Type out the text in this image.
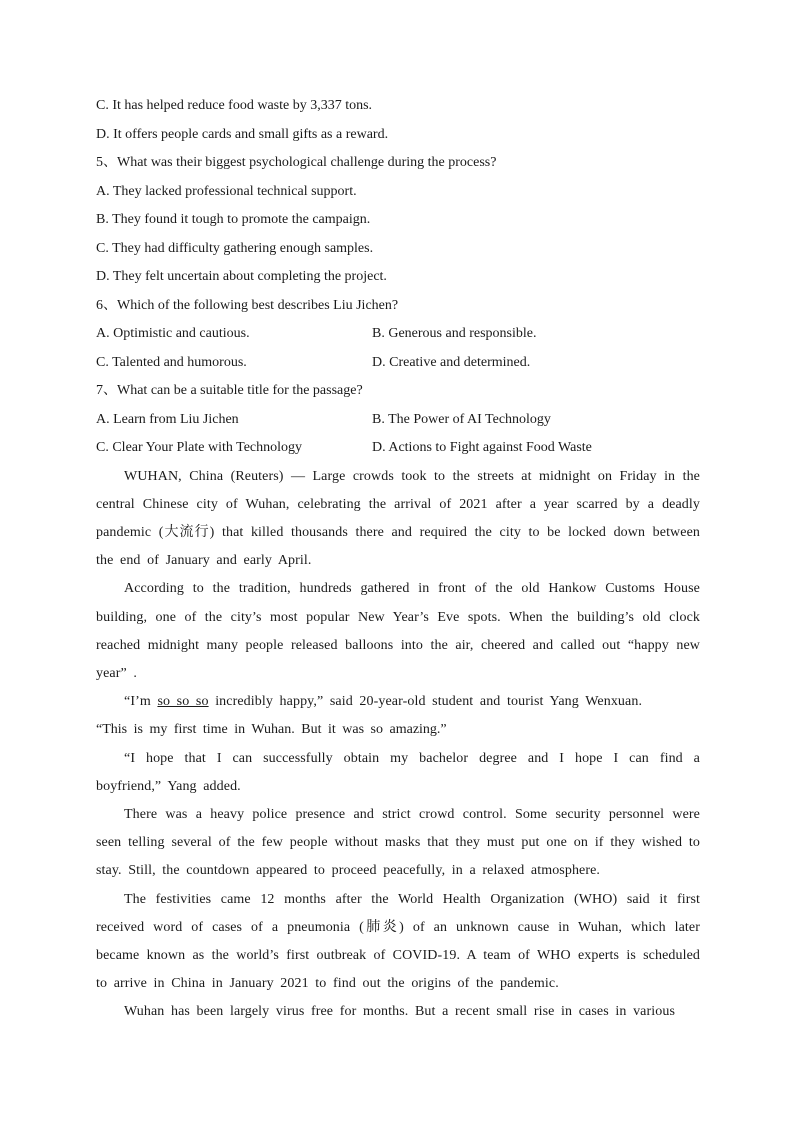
C. It has helped reduce food waste by 3,337 tons.
D. It offers people cards and small gifts as a reward.
5、What was their biggest psychological challenge during the process?
A. They lacked professional technical support.
B. They found it tough to promote the campaign.
C. They had difficulty gathering enough samples.
D. They felt uncertain about completing the project.
6、Which of the following best describes Liu Jichen?
A. Optimistic and cautious.	B. Generous and responsible.
C. Talented and humorous.	D. Creative and determined.
7、What can be a suitable title for the passage?
A. Learn from Liu Jichen	B. The Power of AI Technology
C. Clear Your Plate with Technology	D. Actions to Fight against Food Waste

WUHAN, China (Reuters) — Large crowds took to the streets at midnight on Friday in the central Chinese city of Wuhan, celebrating the arrival of 2021 after a year scarred by a deadly pandemic (大流行) that killed thousands there and required the city to be locked down between the end of January and early April.

According to the tradition, hundreds gathered in front of the old Hankow Customs House building, one of the city’s most popular New Year’s Eve spots. When the building’s old clock reached midnight many people released balloons into the air, cheered and called out “happy new year” .

“I’m so so so incredibly happy,” said 20-year-old student and tourist Yang Wenxuan.

“This is my first time in Wuhan. But it was so amazing.”

“I hope that I can successfully obtain my bachelor degree and I hope I can find a boyfriend,” Yang added.

There was a heavy police presence and strict crowd control. Some security personnel were seen telling several of the few people without masks that they must put one on if they wished to stay. Still, the countdown appeared to proceed peacefully, in a relaxed atmosphere.

The festivities came 12 months after the World Health Organization (WHO) said it first received word of cases of a pneumonia (肺炎) of an unknown cause in Wuhan, which later became known as the world’s first outbreak of COVID-19. A team of WHO experts is scheduled to arrive in China in January 2021 to find out the origins of the pandemic.

Wuhan has been largely virus free for months. But a recent small rise in cases in various
